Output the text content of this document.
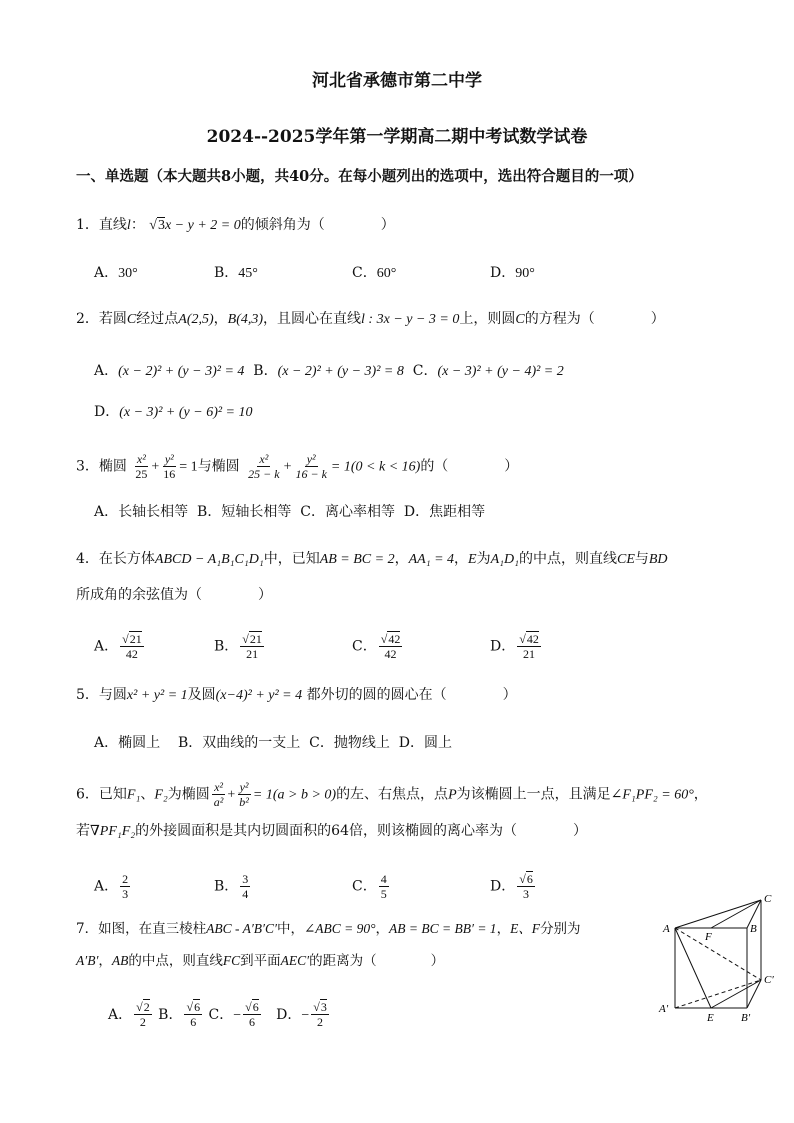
河北省承德市第二中学
2024--2025学年第一学期高二期中考试数学试卷
一、单选题（本大题共8小题，共40分。在每小题列出的选项中，选出符合题目的一项）
1．直线l： √3x − y + 2 = 0的倾斜角为（　　　　）
A．30°	B．45°	C．60°	D．90°
2．若圆C经过点A(2,5)，B(4,3)，且圆心在直线l : 3x − y − 3 = 0上，则圆C的方程为（　　　　）
A．(x − 2)² + (y − 3)² = 4 B．(x − 2)² + (y − 3)² = 8 C．(x − 3)² + (y − 4)² = 2
D．(x − 3)² + (y − 6)² = 10
3．椭圆 $\frac{\text{x²}}{25} + \frac{\text{y²}}{16} = 1$与椭圆 $\frac{\text{x²}}{25 - k} + \frac{\text{y²}}{16 - k} = 1(0 < k < 16)$的（　　　　）
A．长轴长相等 B．短轴长相等 C．离心率相等 D．焦距相等
4．在长方体ABCD − A₁B₁C₁D₁中，已知AB = BC = 2，AA₁ = 4，E为A₁D₁的中点，则直线CE与BD
所成角的余弦值为（　　　　）
A． $\frac{√21}{42}$	B． $\frac{√21}{21}$	C． $\frac{√42}{42}$	D． $\frac{√42}{21}$
5．与圆x² + y² = 1及圆(x−4)² + y² = 4 都外切的圆的圆心在（　　　　）
A．椭圆上 B．双曲线的一支上 C．抛物线上 D．圆上
6．已知F₁、F₂为椭圆 $\frac{\text{x²}}{\text{a²}} + \frac{\text{y²}}{\text{b²}} = 1(a > b > 0)$的左、右焦点，点P为该椭圆上一点，且满足∠F₁PF₂ = 60°，
若∇PF₁F₂的外接圆面积是其内切圆面积的64倍，则该椭圆的离心率为（　　　　）
A． $\frac{2}{3}$	B． $\frac{3}{4}$	C． $\frac{4}{5}$	D． $\frac{√6}{3}$
7．如图，在直三棱柱ABC - A′B′C′中，∠ABC = 90°，AB = BC = BB′ = 1，E、F分别为
A′B′，AB的中点，则直线FC到平面AEC′的距离为（　　　　）
A． $\frac{√2}{2}$ B． $\frac{√6}{6}$ C．− $\frac{√6}{6}$ D．− $\frac{√3}{2}$
A
F
B
C
C′
A′
E B′
